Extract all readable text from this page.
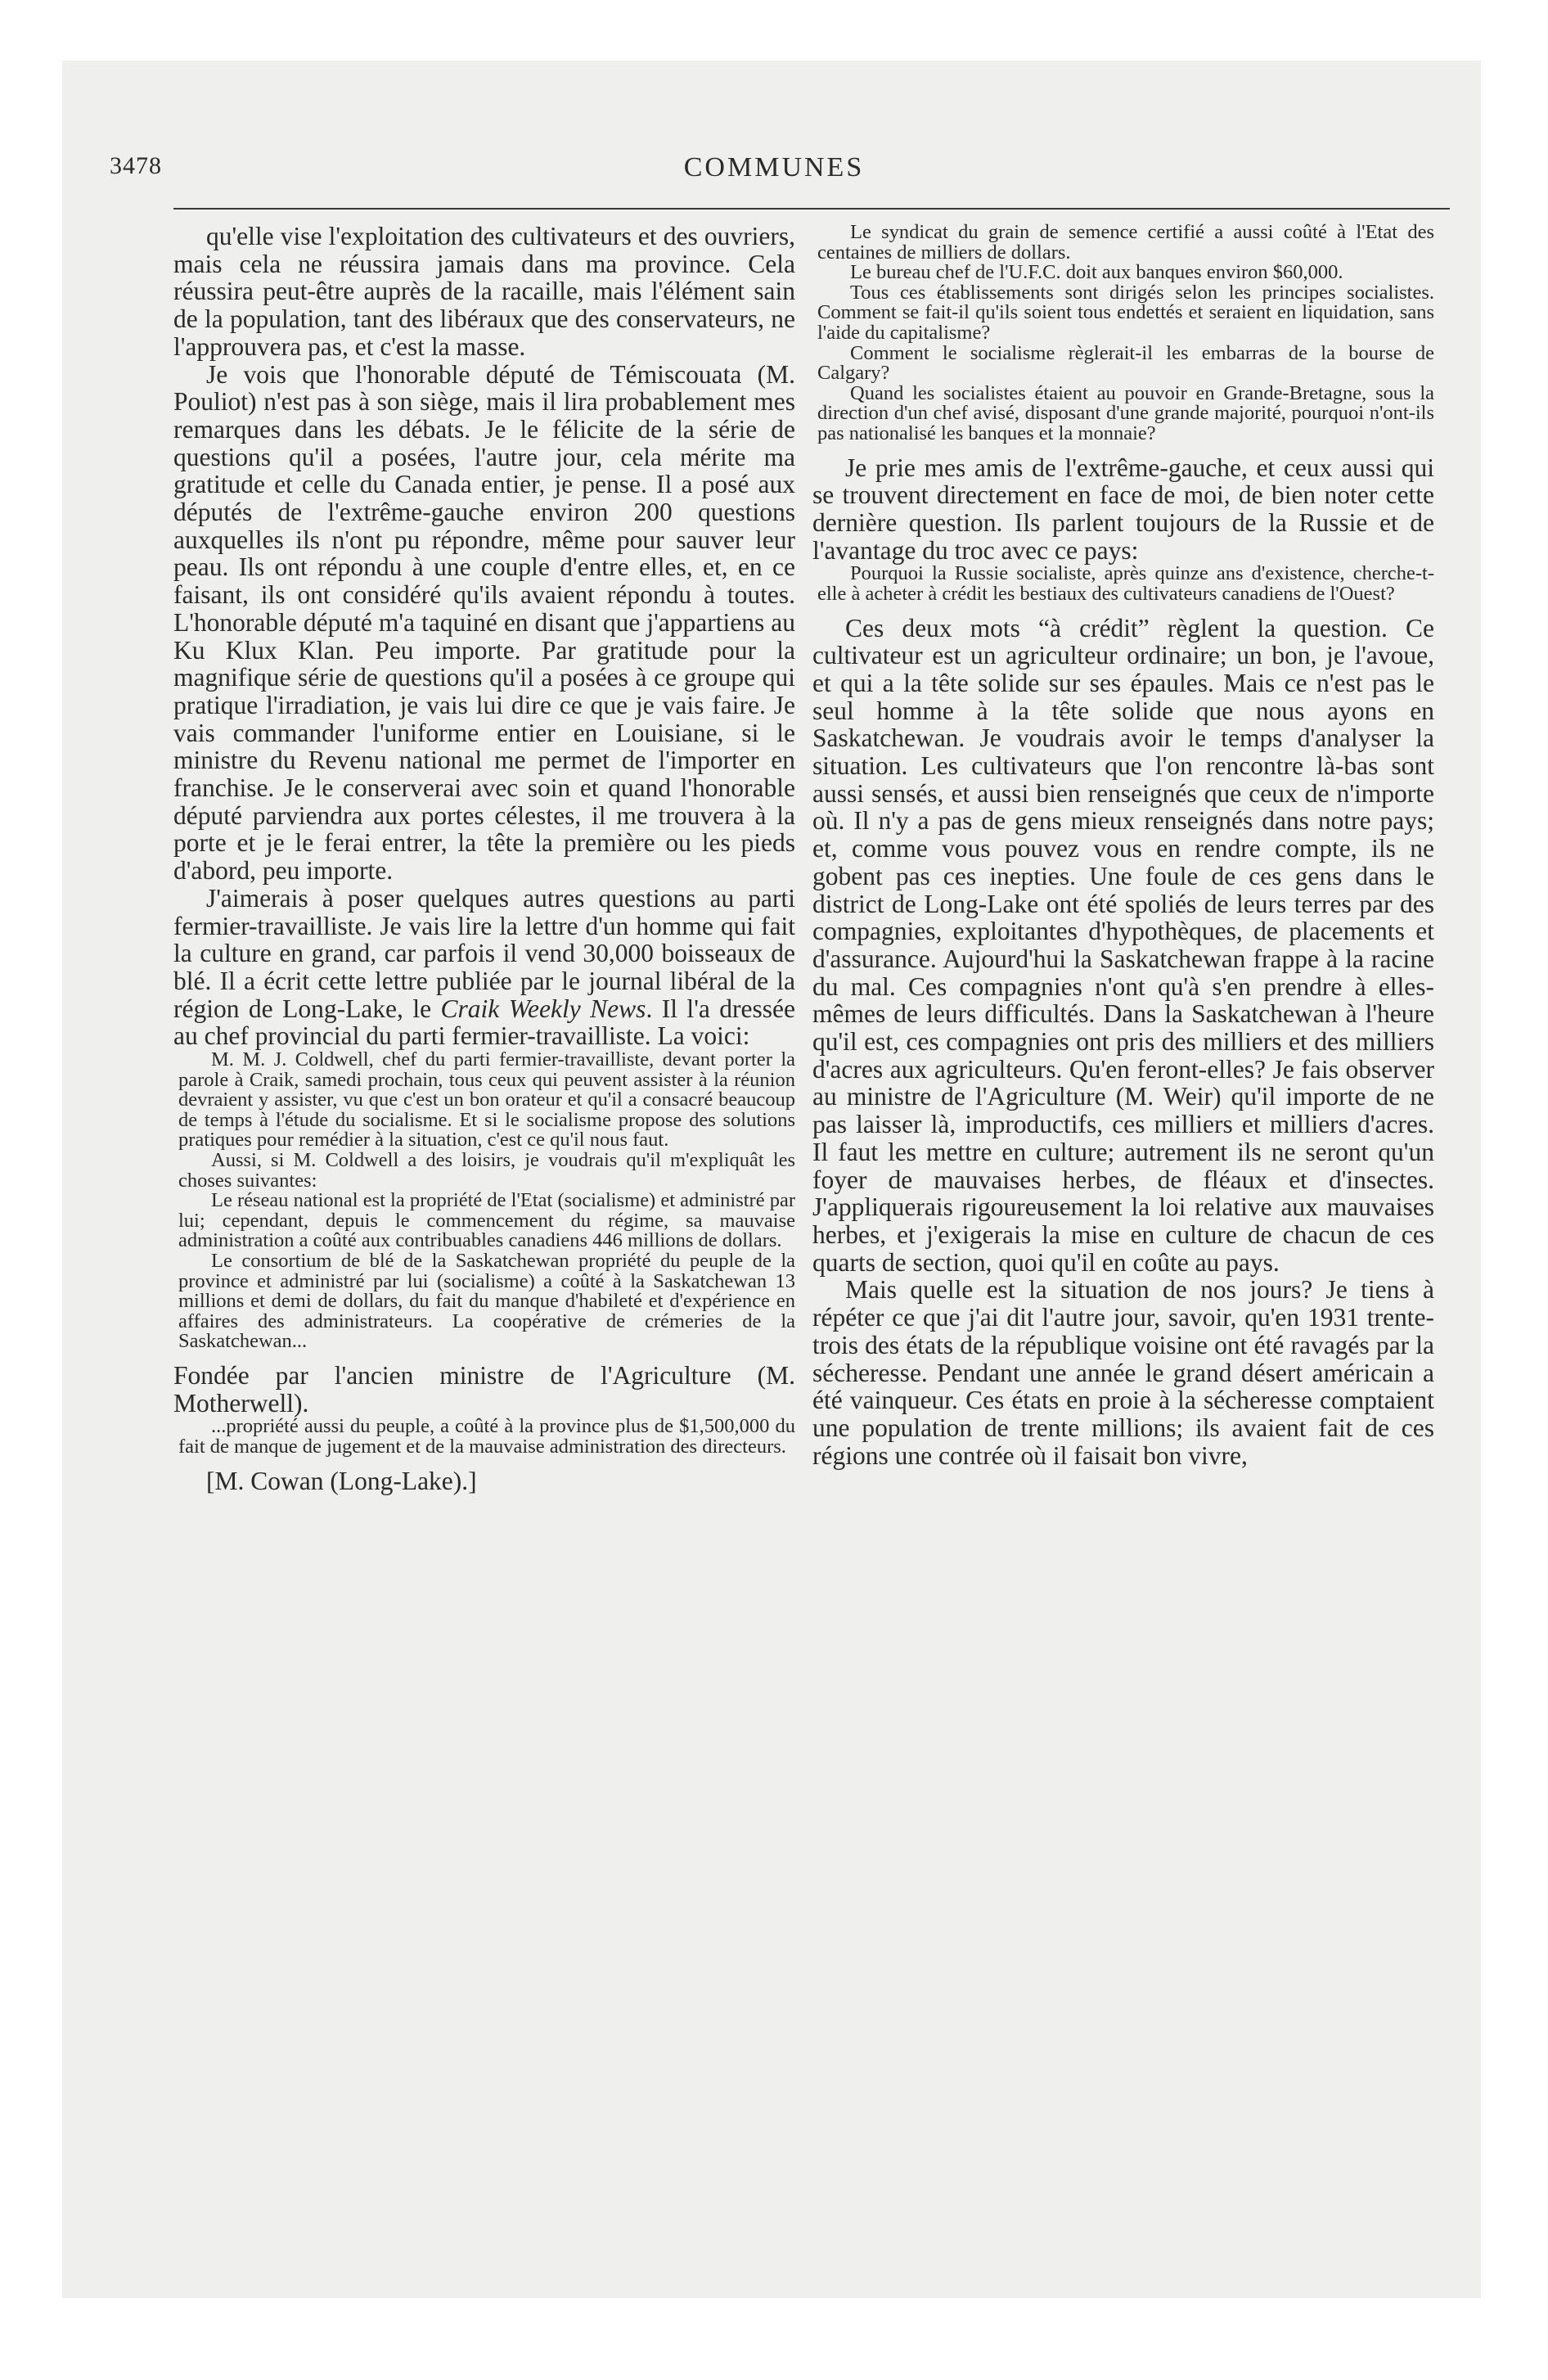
3478	COMMUNES

qu'elle vise l'exploitation des cultivateurs et des ouvriers, mais cela ne réussira jamais dans ma province. Cela réussira peut-être auprès de la racaille, mais l'élément sain de la population, tant des libéraux que des conservateurs, ne l'approuvera pas, et c'est la masse.

Je vois que l'honorable député de Témiscouata (M. Pouliot) n'est pas à son siège, mais il lira probablement mes remarques dans les débats. Je le félicite de la série de questions qu'il a posées, l'autre jour, cela mérite ma gratitude et celle du Canada entier, je pense. Il a posé aux députés de l'extrême-gauche environ 200 questions auxquelles ils n'ont pu répondre, même pour sauver leur peau. Ils ont répondu à une couple d'entre elles, et, en ce faisant, ils ont considéré qu'ils avaient répondu à toutes. L'honorable député m'a taquiné en disant que j'appartiens au Ku Klux Klan. Peu importe. Par gratitude pour la magnifique série de questions qu'il a posées à ce groupe qui pratique l'irradiation, je vais lui dire ce que je vais faire. Je vais commander l'uniforme entier en Louisiane, si le ministre du Revenu national me permet de l'importer en franchise. Je le conserverai avec soin et quand l'honorable député parviendra aux portes célestes, il me trouvera à la porte et je le ferai entrer, la tête la première ou les pieds d'abord, peu importe.

J'aimerais à poser quelques autres questions au parti fermier-travailliste. Je vais lire la lettre d'un homme qui fait la culture en grand, car parfois il vend 30,000 boisseaux de blé. Il a écrit cette lettre publiée par le journal libéral de la région de Long-Lake, le Craik Weekly News. Il l'a dressée au chef provincial du parti fermier-travailliste. La voici:

M. M. J. Coldwell, chef du parti fermier-travailliste, devant porter la parole à Craik, samedi prochain, tous ceux qui peuvent assister à la réunion devraient y assister, vu que c'est un bon orateur et qu'il a consacré beaucoup de temps à l'étude du socialisme. Et si le socialisme propose des solutions pratiques pour remédier à la situation, c'est ce qu'il nous faut.

Aussi, si M. Coldwell a des loisirs, je voudrais qu'il m'expliquât les choses suivantes:

Le réseau national est la propriété de l'Etat (socialisme) et administré par lui; cependant, depuis le commencement du régime, sa mauvaise administration a coûté aux contribuables canadiens 446 millions de dollars.

Le consortium de blé de la Saskatchewan propriété du peuple de la province et administré par lui (socialisme) a coûté à la Saskatchewan 13 millions et demi de dollars, du fait du manque d'habileté et d'expérience en affaires des administrateurs. La coopérative de crémeries de la Saskatchewan...

Fondée par l'ancien ministre de l'Agriculture (M. Motherwell).

...propriété aussi du peuple, a coûté à la province plus de $1,500,000 du fait de manque de jugement et de la mauvaise administration des directeurs.

[M. Cowan (Long-Lake).]

Le syndicat du grain de semence certifié a aussi coûté à l'Etat des centaines de milliers de dollars.

Le bureau chef de l'U.F.C. doit aux banques environ $60,000.

Tous ces établissements sont dirigés selon les principes socialistes. Comment se fait-il qu'ils soient tous endettés et seraient en liquidation, sans l'aide du capitalisme?

Comment le socialisme règlerait-il les embarras de la bourse de Calgary?

Quand les socialistes étaient au pouvoir en Grande-Bretagne, sous la direction d'un chef avisé, disposant d'une grande majorité, pourquoi n'ont-ils pas nationalisé les banques et la monnaie?

Je prie mes amis de l'extrême-gauche, et ceux aussi qui se trouvent directement en face de moi, de bien noter cette dernière question. Ils parlent toujours de la Russie et de l'avantage du troc avec ce pays:

Pourquoi la Russie socialiste, après quinze ans d'existence, cherche-t-elle à acheter à crédit les bestiaux des cultivateurs canadiens de l'Ouest?

Ces deux mots “à crédit” règlent la question. Ce cultivateur est un agriculteur ordinaire; un bon, je l'avoue, et qui a la tête solide sur ses épaules. Mais ce n'est pas le seul homme à la tête solide que nous ayons en Saskatchewan. Je voudrais avoir le temps d'analyser la situation. Les cultivateurs que l'on rencontre là-bas sont aussi sensés, et aussi bien renseignés que ceux de n'importe où. Il n'y a pas de gens mieux renseignés dans notre pays; et, comme vous pouvez vous en rendre compte, ils ne gobent pas ces inepties. Une foule de ces gens dans le district de Long-Lake ont été spoliés de leurs terres par des compagnies, exploitantes d'hypothèques, de placements et d'assurance. Aujourd'hui la Saskatchewan frappe à la racine du mal. Ces compagnies n'ont qu'à s'en prendre à elles-mêmes de leurs difficultés. Dans la Saskatchewan à l'heure qu'il est, ces compagnies ont pris des milliers et des milliers d'acres aux agriculteurs. Qu'en feront-elles? Je fais observer au ministre de l'Agriculture (M. Weir) qu'il importe de ne pas laisser là, improductifs, ces milliers et milliers d'acres. Il faut les mettre en culture; autrement ils ne seront qu'un foyer de mauvaises herbes, de fléaux et d'insectes. J'appliquerais rigoureusement la loi relative aux mauvaises herbes, et j'exigerais la mise en culture de chacun de ces quarts de section, quoi qu'il en coûte au pays.

Mais quelle est la situation de nos jours? Je tiens à répéter ce que j'ai dit l'autre jour, savoir, qu'en 1931 trente-trois des états de la république voisine ont été ravagés par la sécheresse. Pendant une année le grand désert américain a été vainqueur. Ces états en proie à la sécheresse comptaient une population de trente millions; ils avaient fait de ces régions une contrée où il faisait bon vivre,
